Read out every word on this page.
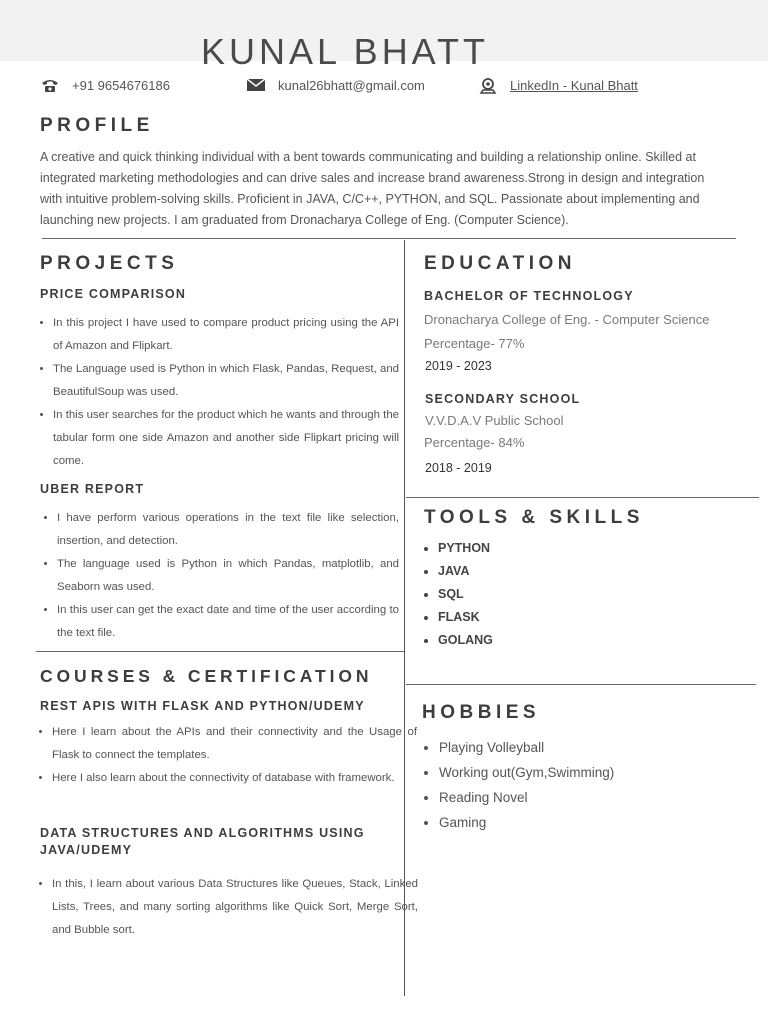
KUNAL BHATT
+91 9654676186	kunal26bhatt@gmail.com	LinkedIn - Kunal Bhatt
PROFILE

A creative and quick thinking individual with a bent towards communicating and building a relationship online. Skilled at integrated marketing methodologies and can drive sales and increase brand awareness.Strong in design and integration with intuitive problem-solving skills. Proficient in JAVA, C/C++, PYTHON, and SQL. Passionate about implementing and launching new projects. I am graduated from Dronacharya College of Eng. (Computer Science).

PROJECTS
PRICE COMPARISON
• In this project I have used to compare product pricing using the API of Amazon and Flipkart.
• The Language used is Python in which Flask, Pandas, Request, and BeautifulSoup was used.
• In this user searches for the product which he wants and through the tabular form one side Amazon and another side Flipkart pricing will come.
UBER REPORT
• I have perform various operations in the text file like selection, insertion, and detection.
• The language used is Python in which Pandas, matplotlib, and Seaborn was used.
• In this user can get the exact date and time of the user according to the text file.
COURSES & CERTIFICATION
REST APIS WITH FLASK AND PYTHON/UDEMY
• Here I learn about the APIs and their connectivity and the Usage of Flask to connect the templates.
• Here I also learn about the connectivity of database with framework.
DATA STRUCTURES AND ALGORITHMS USING JAVA/UDEMY
• In this, I learn about various Data Structures like Queues, Stack, Linked Lists, Trees, and many sorting algorithms like Quick Sort, Merge Sort, and Bubble sort.
EDUCATION
BACHELOR OF TECHNOLOGY

Dronacharya College of Eng. - Computer Science

Percentage- 77%

2019 - 2023

SECONDARY SCHOOL

V.V.D.A.V Public School

Percentage- 84%

2018 - 2019

TOOLS & SKILLS
• PYTHON
• JAVA
• SQL
• FLASK
• GOLANG
HOBBIES
• Playing Volleyball
• Working out(Gym,Swimming)
• Reading Novel
• Gaming
